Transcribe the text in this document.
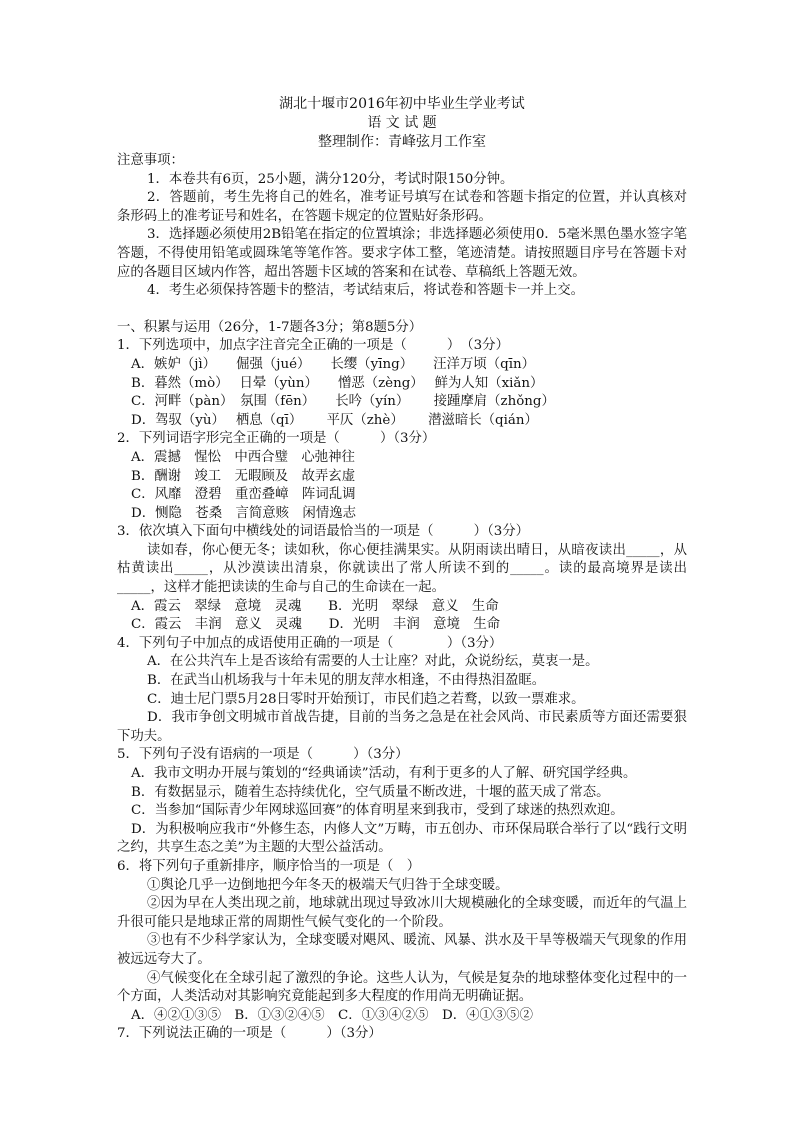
湖北十堰市2016年初中毕业生学业考试
语 文 试 题
整理制作：青峰弦月工作室
注意事项：
1．本卷共有6页，25小题，满分120分，考试时限150分钟。
2．答题前，考生先将自己的姓名，准考证号填写在试卷和答题卡指定的位置，并认真核对条形码上的准考证号和姓名，在答题卡规定的位置贴好条形码。
3．选择题必须使用2B铅笔在指定的位置填涂；非选择题必须使用0．5毫米黑色墨水签字笔答题，不得使用铅笔或圆珠笔等笔作答。要求字体工整，笔迹清楚。请按照题目序号在答题卡对应的各题目区域内作答，超出答题卡区域的答案和在试卷、草稿纸上答题无效。
4．考生必须保持答题卡的整洁，考试结束后，将试卷和答题卡一并上交。
一、积累与运用（26分，1-7题各3分；第8题5分）
1．下列选项中，加点字注音完全正确的一项是（　　　）　（3分）
A．嫉妒（jì）　　倔强（jué）　　长缨（yīng）　　汪洋万顷（qīn）
B．暮然（mò）　 日晕（yùn）　　憎恶（zèng）　 鲜为人知（xiǎn）
C．河畔（pàn）　氛围（fēn）　　长吟（yín）　　 接踵摩肩（zhǒng）
D．驾驭（yù）　 栖息（qī）　　 平仄（zhè）　　 潜滋暗长（qián）
2．下列词语字形完全正确的一项是（　　　）（3分）
A．震撼　惺忪　中西合璧　心弛神往
B．酬谢　竣工　无暇顾及　故弄玄虚
C．风靡　澄碧　重峦叠嶂　阵词乱调
D．恻隐　苍桑　言简意赅　闲情逸志
3．依次填入下面句中横线处的词语最恰当的一项是（　　　）（3分）
读如春，你心便无冬；读如秋，你心便挂满果实。从阴雨读出晴日，从暗夜读出_____，从枯黄读出_____，从沙漠读出清泉，你就读出了常人所读不到的_____。读的最高境界是读出_____，这样才能把读读的生命与自己的生命读在一起。
A．霞云　翠绿　意境　灵魂　　B．光明　翠绿　意义　生命
C．霞云　丰润　意义　灵魂　　D．光明　丰润　意境　生命
4．下列句子中加点的成语使用正确的一项是（　　　　）（3分）
A．在公共汽车上是否该给有需要的人士让座？对此，众说纷纭，莫衷一是。
B．在武当山机场我与十年未见的朋友萍水相逢，不由得热泪盈眶。
C．迪士尼门票5月28日零时开始预订，市民们趋之若鹜，以致一票难求。
D．我市争创文明城市首战告捷，目前的当务之急是在社会风尚、市民素质等方面还需要狠下功夫。
5．下列句子没有语病的一项是（　　　）（3分）
A．我市文明办开展与策划的“经典诵读”活动，有利于更多的人了解、研究国学经典。
B．有数据显示，随着生态持续优化，空气质量不断改进，十堰的蓝天成了常态。
C．当参加“国际青少年网球巡回赛”的体育明星来到我市，受到了球迷的热烈欢迎。
D．为积极响应我市“外修生态，内修人文”万畴，市五创办、市环保局联合举行了以“践行文明之约，共享生态之美”为主题的大型公益活动。
6．将下列句子重新排序，顺序恰当的一项是（　）
①舆论几乎一边倒地把今年冬天的极端天气归咎于全球变暖。
②因为早在人类出现之前，地球就出现过导致冰川大规模融化的全球变暖，而近年的气温上升很可能只是地球正常的周期性气候气变化的一个阶段。
③也有不少科学家认为，全球变暖对飓风、暖流、风暴、洪水及干旱等极端天气现象的作用被远远夸大了。
④气候变化在全球引起了激烈的争论。这些人认为，气候是复杂的地球整体变化过程中的一个方面，人类活动对其影响究竟能起到多大程度的作用尚无明确证据。
A．④②①③⑤　B．①③②④⑤　C．①③④②⑤　D．④①③⑤②
7．下列说法正确的一项是（　　　）（3分）
